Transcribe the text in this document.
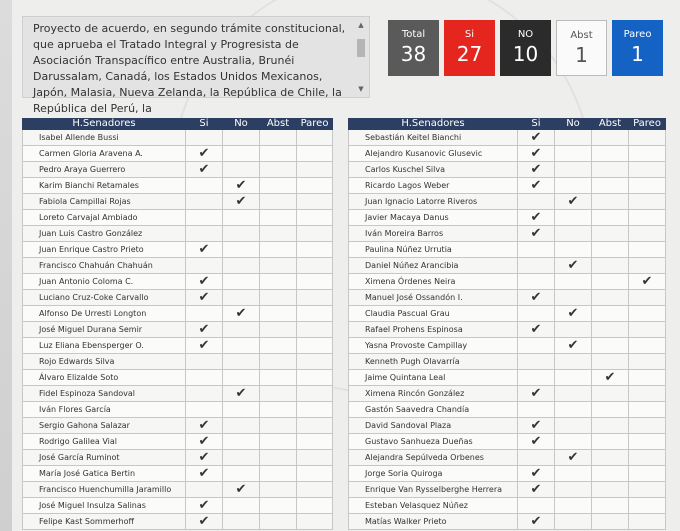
Proyecto de acuerdo, en segundo trámite constitucional, que aprueba el Tratado Integral y Progresista de Asociación Transpacífico entre Australia, Brunéi Darussalam, Canadá, los Estados Unidos Mexicanos, Japón, Malasia, Nueva Zelanda, la República de Chile, la República del Perú, la
▲
▼
Total
38
Si
27
NO
10
Abst
1
Pareo
1
H.Senadores	Si	No	Abst	Pareo
Isabel Allende Bussi				
Carmen Gloria Aravena A.	✔			
Pedro Araya Guerrero	✔			
Karim Bianchi Retamales		✔		
Fabiola Campillai Rojas		✔		
Loreto Carvajal Ambiado				
Juan Luis Castro González				
Juan Enrique Castro Prieto	✔			
Francisco Chahuán Chahuán				
Juan Antonio Coloma C.	✔			
Luciano Cruz-Coke Carvallo	✔			
Alfonso De Urresti Longton		✔		
José Miguel Durana Semir	✔			
Luz Eliana Ebensperger O.	✔			
Rojo Edwards Silva				
Álvaro Elizalde Soto				
Fidel Espinoza Sandoval		✔		
Iván Flores García				
Sergio Gahona Salazar	✔			
Rodrigo Galilea Vial	✔			
José García Ruminot	✔			
María José Gatica Bertin	✔			
Francisco Huenchumilla Jaramillo		✔		
José Miguel Insulza Salinas	✔			
Felipe Kast Sommerhoff	✔			
H.Senadores	Si	No	Abst	Pareo
Sebastián Keitel Bianchi	✔			
Alejandro Kusanovic Glusevic	✔			
Carlos Kuschel Silva	✔			
Ricardo Lagos Weber	✔			
Juan Ignacio Latorre Riveros		✔		
Javier Macaya Danus	✔			
Iván Moreira Barros	✔			
Paulina Núñez Urrutia				
Daniel Núñez Arancibia		✔		
Ximena Órdenes Neira				✔
Manuel José Ossandón I.	✔			
Claudia Pascual Grau		✔		
Rafael Prohens Espinosa	✔			
Yasna Provoste Campillay		✔		
Kenneth Pugh Olavarría				
Jaime Quintana Leal			✔	
Ximena Rincón González	✔			
Gastón Saavedra Chandía				
David Sandoval Plaza	✔			
Gustavo Sanhueza Dueñas	✔			
Alejandra Sepúlveda Orbenes		✔		
Jorge Soria Quiroga	✔			
Enrique Van Rysselberghe Herrera	✔			
Esteban Velasquez Núñez				
Matías Walker Prieto	✔			
